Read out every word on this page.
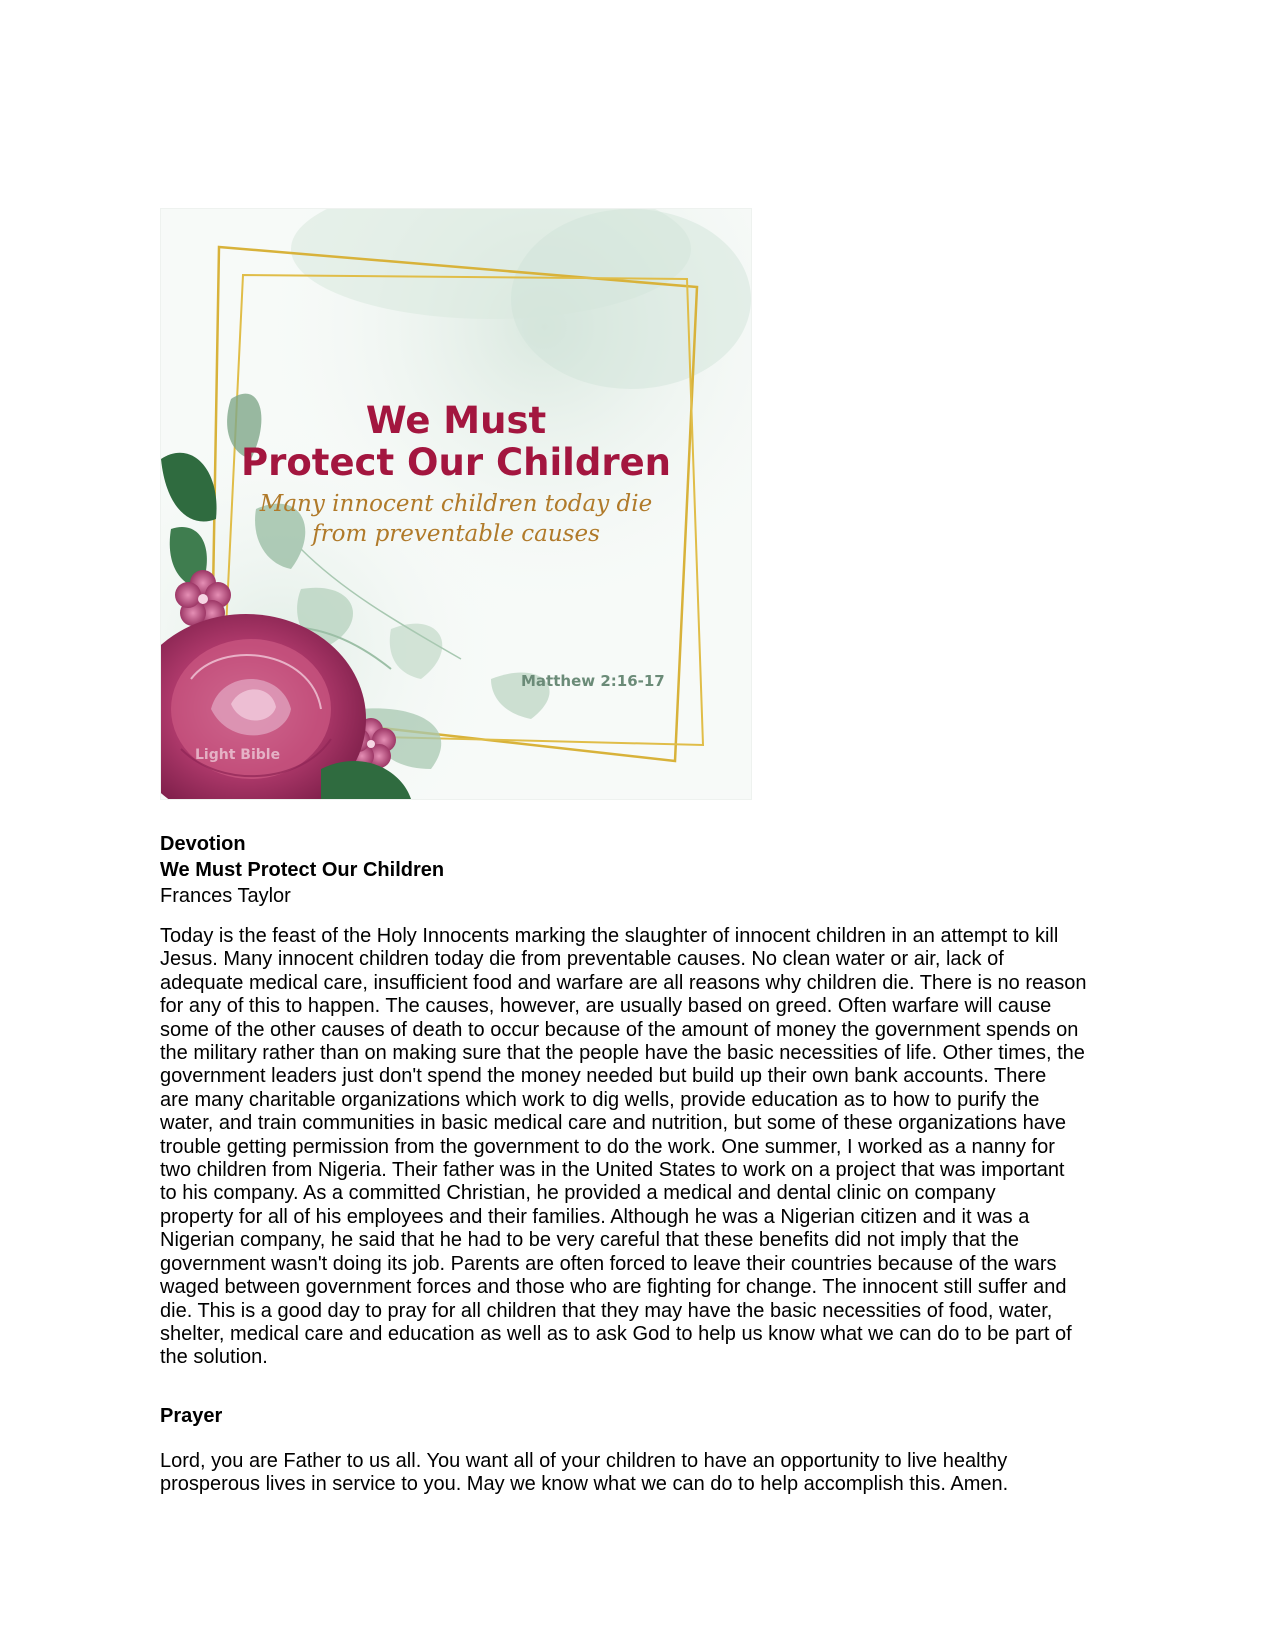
We Must
Protect Our Children
Many innocent children today die
from preventable causes
Matthew 2:16-17
Light Bible
Devotion
We Must Protect Our Children
Frances Taylor
Today is the feast of the Holy Innocents marking the slaughter of innocent children in an attempt to kill
Jesus. Many innocent children today die from preventable causes. No clean water or air, lack of
adequate medical care, insufficient food and warfare are all reasons why children die. There is no reason
for any of this to happen. The causes, however, are usually based on greed. Often warfare will cause
some of the other causes of death to occur because of the amount of money the government spends on
the military rather than on making sure that the people have the basic necessities of life. Other times, the
government leaders just don't spend the money needed but build up their own bank accounts. There
are many charitable organizations which work to dig wells, provide education as to how to purify the
water, and train communities in basic medical care and nutrition, but some of these organizations have
trouble getting permission from the government to do the work. One summer, I worked as a nanny for
two children from Nigeria. Their father was in the United States to work on a project that was important
to his company. As a committed Christian, he provided a medical and dental clinic on company
property for all of his employees and their families. Although he was a Nigerian citizen and it was a
Nigerian company, he said that he had to be very careful that these benefits did not imply that the
government wasn't doing its job. Parents are often forced to leave their countries because of the wars
waged between government forces and those who are fighting for change. The innocent still suffer and
die. This is a good day to pray for all children that they may have the basic necessities of food, water,
shelter, medical care and education as well as to ask God to help us know what we can do to be part of
the solution.
Prayer
Lord, you are Father to us all. You want all of your children to have an opportunity to live healthy
prosperous lives in service to you. May we know what we can do to help accomplish this. Amen.
